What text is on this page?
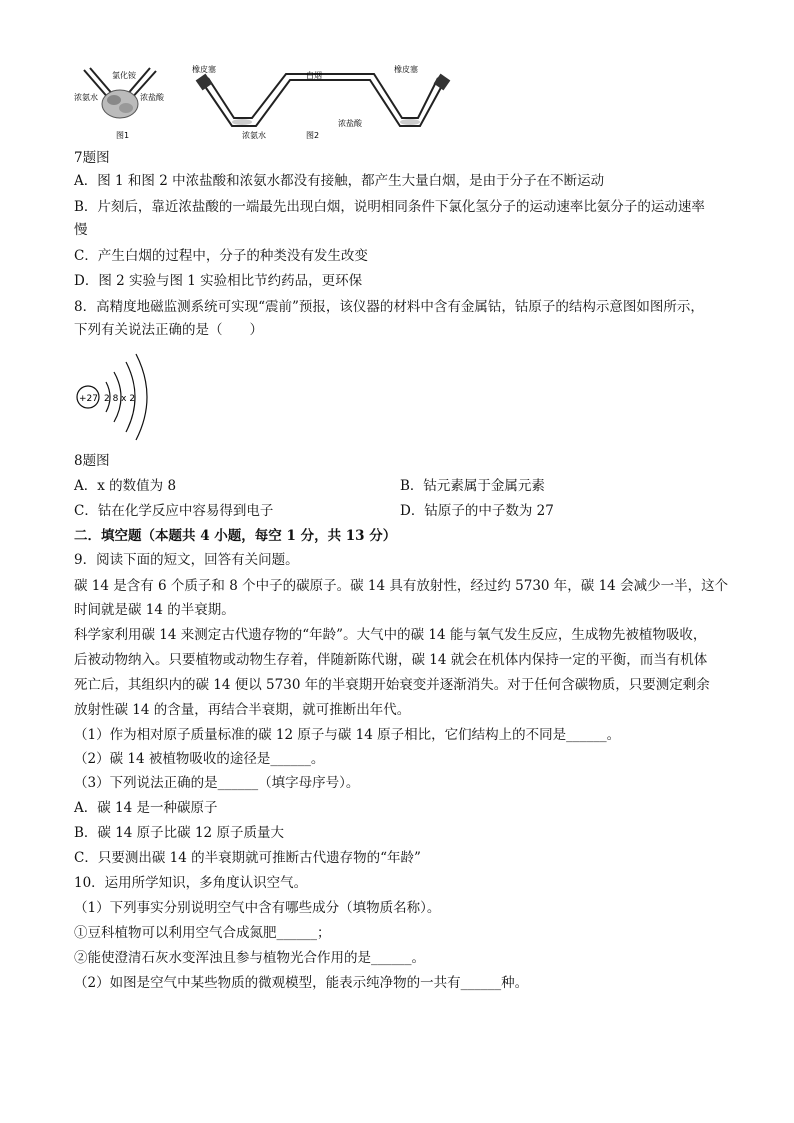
氯化铵
浓氨水	浓盐酸
图1
橡皮塞
白烟
橡皮塞
浓氨水
浓盐酸
图2
7题图
A．图 1 和图 2 中浓盐酸和浓氨水都没有接触，都产生大量白烟，是由于分子在不断运动
B．片刻后，靠近浓盐酸的一端最先出现白烟，说明相同条件下氯化氢分子的运动速率比氨分子的运动速率
慢
C．产生白烟的过程中，分子的种类没有发生改变
D．图 2 实验与图 1 实验相比节约药品，更环保
8．高精度地磁监测系统可实现“震前”预报，该仪器的材料中含有金属钴，钴原子的结构示意图如图所示，
下列有关说法正确的是（　　）
+27 2 8 x 2
8题图
A．x 的数值为 8	B．钴元素属于金属元素
C．钴在化学反应中容易得到电子	D．钴原子的中子数为 27
二．填空题（本题共 4 小题，每空 1 分，共 13 分）
9．阅读下面的短文，回答有关问题。
碳 14 是含有 6 个质子和 8 个中子的碳原子。碳 14 具有放射性，经过约 5730 年，碳 14 会减少一半，这个
时间就是碳 14 的半衰期。
科学家利用碳 14 来测定古代遗存物的“年龄”。大气中的碳 14 能与氧气发生反应，生成物先被植物吸收，
后被动物纳入。只要植物或动物生存着，伴随新陈代谢，碳 14 就会在机体内保持一定的平衡，而当有机体
死亡后，其组织内的碳 14 便以 5730 年的半衰期开始衰变并逐渐消失。对于任何含碳物质，只要测定剩余
放射性碳 14 的含量，再结合半衰期，就可推断出年代。
（1）作为相对原子质量标准的碳 12 原子与碳 14 原子相比，它们结构上的不同是______。
（2）碳 14 被植物吸收的途径是______。
（3）下列说法正确的是______（填字母序号）。
A．碳 14 是一种碳原子
B．碳 14 原子比碳 12 原子质量大
C．只要测出碳 14 的半衰期就可推断古代遗存物的“年龄”
10．运用所学知识，多角度认识空气。
（1）下列事实分别说明空气中含有哪些成分（填物质名称）。
①豆科植物可以利用空气合成氮肥______；
②能使澄清石灰水变浑浊且参与植物光合作用的是______。
（2）如图是空气中某些物质的微观模型，能表示纯净物的一共有______种。
